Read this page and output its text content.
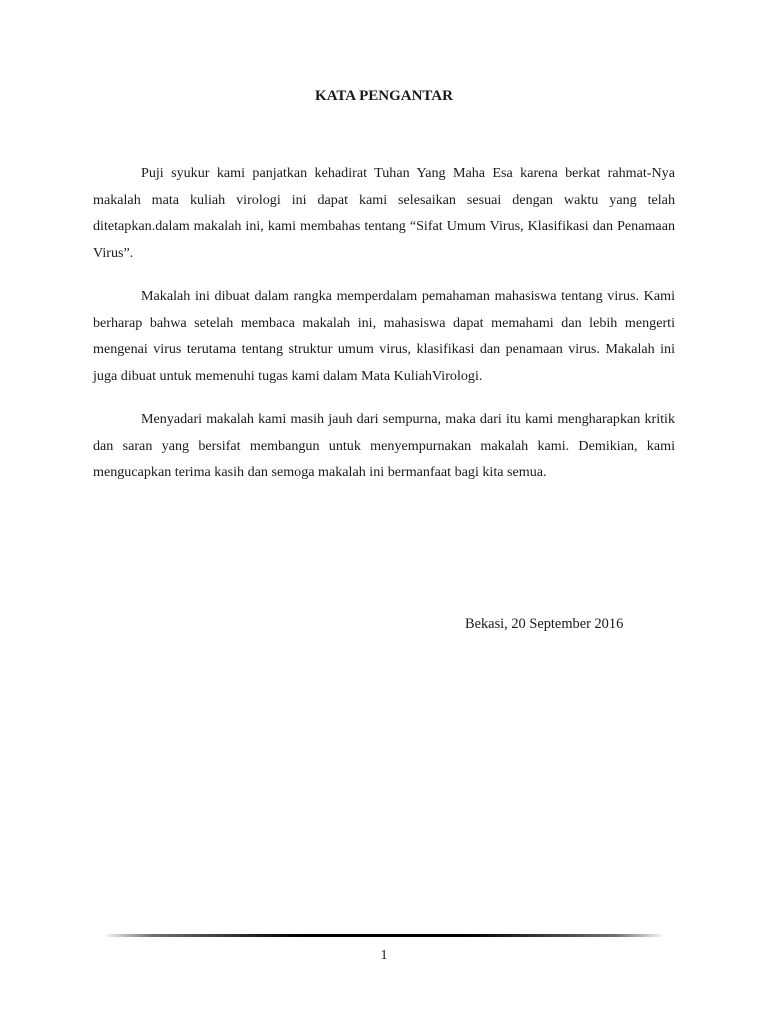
KATA PENGANTAR

Puji syukur kami panjatkan kehadirat Tuhan Yang Maha Esa karena berkat rahmat-Nya makalah mata kuliah virologi ini dapat kami selesaikan sesuai dengan waktu yang telah ditetapkan.dalam makalah ini, kami membahas tentang “Sifat Umum Virus, Klasifikasi dan Penamaan Virus”.

Makalah ini dibuat dalam rangka memperdalam pemahaman mahasiswa tentang virus. Kami berharap bahwa setelah membaca makalah ini, mahasiswa dapat memahami dan lebih mengerti mengenai virus terutama tentang struktur umum virus, klasifikasi dan penamaan virus. Makalah ini juga dibuat untuk memenuhi tugas kami dalam Mata KuliahVirologi.

Menyadari makalah kami masih jauh dari sempurna, maka dari itu kami mengharapkan kritik dan saran yang bersifat membangun untuk menyempurnakan makalah kami. Demikian, kami mengucapkan terima kasih dan semoga makalah ini bermanfaat bagi kita semua.

Bekasi, 20 September 2016

1
